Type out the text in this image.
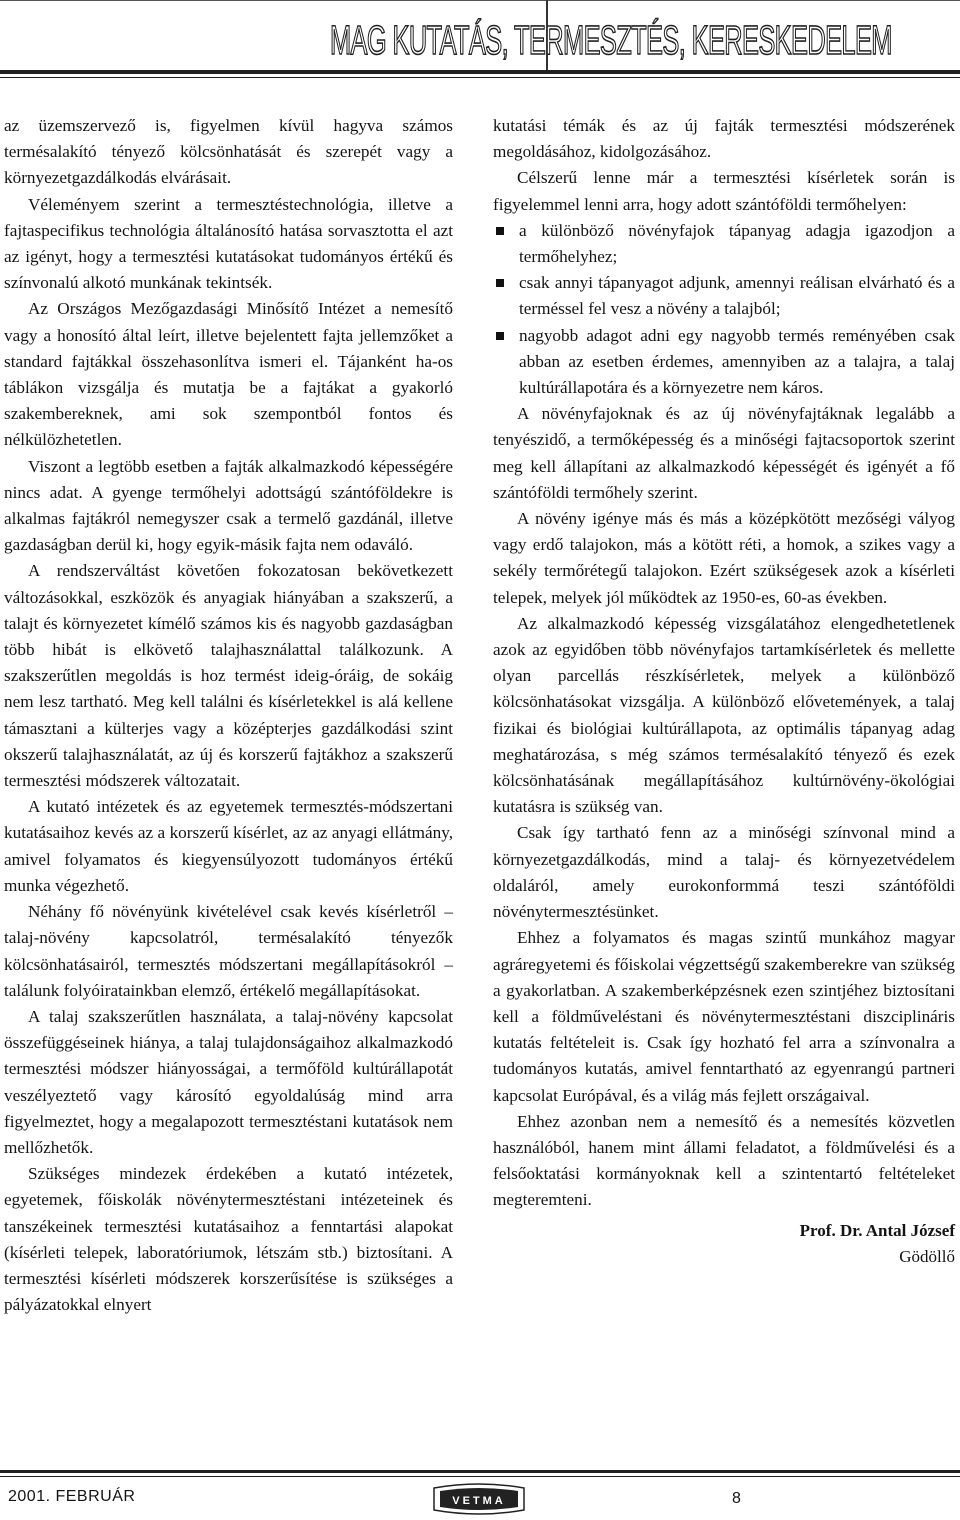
MAG KUTATÁS, TERMESZTÉS, KERESKEDELEM

az üzemszervező is, figyelmen kívül hagyva számos termésalakító tényező kölcsönhatását és szerepét vagy a környezetgazdálkodás elvárásait.

Véleményem szerint a termesztéstechnológia, illetve a fajtaspecifikus technológia általánosító hatása sorvasztotta el azt az igényt, hogy a termesztési kutatásokat tudományos értékű és színvonalú alkotó munkának tekintsék.

Az Országos Mezőgazdasági Minősítő Intézet a nemesítő vagy a honosító által leírt, illetve bejelentett fajta jellemzőket a standard fajtákkal összehasonlítva ismeri el. Tájanként ha-os táblákon vizsgálja és mutatja be a fajtákat a gyakorló szakembereknek, ami sok szempontból fontos és nélkülözhetetlen.

Viszont a legtöbb esetben a fajták alkalmazkodó képességére nincs adat. A gyenge termőhelyi adottságú szántóföldekre is alkalmas fajtákról nemegyszer csak a termelő gazdánál, illetve gazdaságban derül ki, hogy egyik-másik fajta nem odaváló.

A rendszerváltást követően fokozatosan bekövetkezett változásokkal, eszközök és anyagiak hiányában a szakszerű, a talajt és környezetet kímélő számos kis és nagyobb gazdaságban több hibát is elkövető talajhasználattal találkozunk. A szakszerűtlen megoldás is hoz termést ideig-óráig, de sokáig nem lesz tartható. Meg kell találni és kísérletekkel is alá kellene támasztani a külterjes vagy a középterjes gazdálkodási szint okszerű talajhasználatát, az új és korszerű fajtákhoz a szakszerű termesztési módszerek változatait.

A kutató intézetek és az egyetemek termesztés-módszertani kutatásaihoz kevés az a korszerű kísérlet, az az anyagi ellátmány, amivel folyamatos és kiegyensúlyozott tudományos értékű munka végezhető.

Néhány fő növényünk kivételével csak kevés kísérletről – talaj-növény kapcsolatról, termésalakító tényezők kölcsönhatásairól, termesztés módszertani megállapításokról – találunk folyóiratainkban elemző, értékelő megállapításokat.

A talaj szakszerűtlen használata, a talaj-növény kapcsolat összefüggéseinek hiánya, a talaj tulajdonságaihoz alkalmazkodó termesztési módszer hiányosságai, a termőföld kultúrállapotát veszélyeztető vagy károsító egyoldalúság mind arra figyelmeztet, hogy a megalapozott termesztéstani kutatások nem mellőzhetők.

Szükséges mindezek érdekében a kutató intézetek, egyetemek, főiskolák növénytermesztéstani intézeteinek és tanszékeinek termesztési kutatásaihoz a fenntartási alapokat (kísérleti telepek, laboratóriumok, létszám stb.) biztosítani. A termesztési kísérleti módszerek korszerűsítése is szükséges a pályázatokkal elnyert

kutatási témák és az új fajták termesztési módszerének megoldásához, kidolgozásához.

Célszerű lenne már a termesztési kísérletek során is figyelemmel lenni arra, hogy adott szántóföldi termőhelyen:

a különböző növényfajok tápanyag adagja igazodjon a termőhelyhez;
csak annyi tápanyagot adjunk, amennyi reálisan elvárható és a terméssel fel vesz a növény a talajból;
nagyobb adagot adni egy nagyobb termés reményében csak abban az esetben érdemes, amennyiben az a talajra, a talaj kultúrállapotára és a környezetre nem káros.

A növényfajoknak és az új növényfajtáknak legalább a tenyészidő, a termőképesség és a minőségi fajtacsoportok szerint meg kell állapítani az alkalmazkodó képességét és igényét a fő szántóföldi termőhely szerint.

A növény igénye más és más a középkötött mezőségi vályog vagy erdő talajokon, más a kötött réti, a homok, a szikes vagy a sekély termőrétegű talajokon. Ezért szükségesek azok a kísérleti telepek, melyek jól működtek az 1950-es, 60-as években.

Az alkalmazkodó képesség vizsgálatához elengedhetetlenek azok az egyidőben több növényfajos tartamkísérletek és mellette olyan parcellás részkísérletek, melyek a különböző kölcsönhatásokat vizsgálja. A különböző elővetemények, a talaj fizikai és biológiai kultúrállapota, az optimális tápanyag adag meghatározása, s még számos termésalakító tényező és ezek kölcsönhatásának megállapításához kultúrnövény-ökológiai kutatásra is szükség van.

Csak így tartható fenn az a minőségi színvonal mind a környezetgazdálkodás, mind a talaj- és környezetvédelem oldaláról, amely eurokonformmá teszi szántóföldi növénytermesztésünket.

Ehhez a folyamatos és magas szintű munkához magyar agráregyetemi és főiskolai végzettségű szakemberekre van szükség a gyakorlatban. A szakemberképzésnek ezen szintjéhez biztosítani kell a földműveléstani és növénytermesztéstani diszciplináris kutatás feltételeit is. Csak így hozható fel arra a színvonalra a tudományos kutatás, amivel fenntartható az egyenrangú partneri kapcsolat Európával, és a világ más fejlett országaival.

Ehhez azonban nem a nemesítő és a nemesítés közvetlen használóból, hanem mint állami feladatot, a földművelési és a felsőoktatási kormányoknak kell a szintentartó feltételeket megteremteni.

Prof. Dr. Antal József
Gödöllő
2001. FEBRUÁR	VETMA	8
